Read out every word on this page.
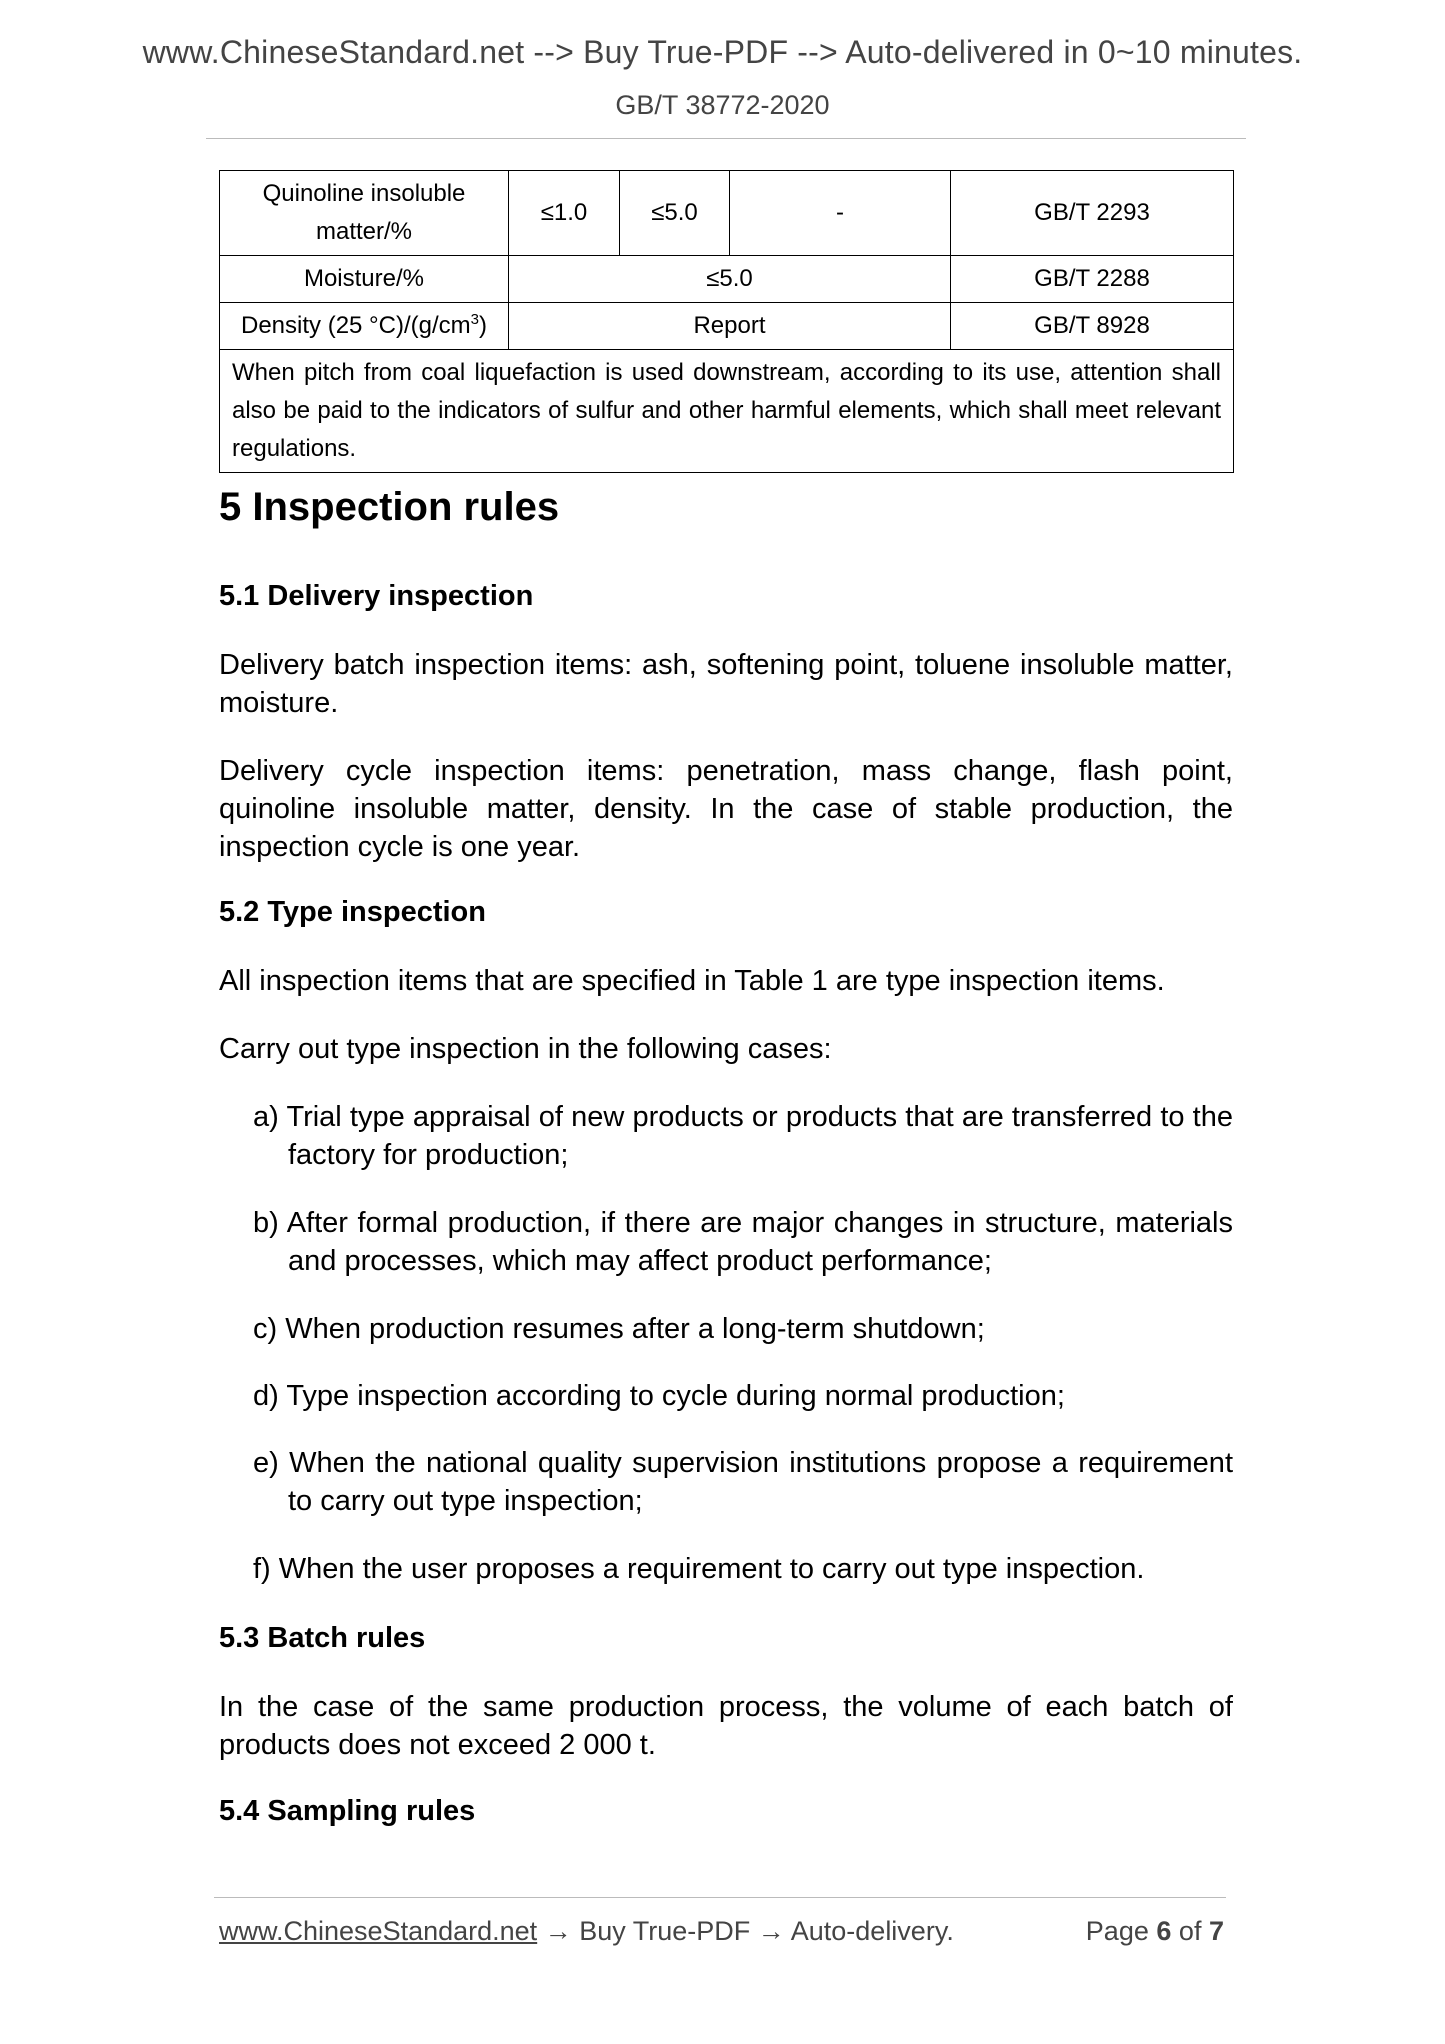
www.ChineseStandard.net --> Buy True-PDF --> Auto-delivered in 0~10 minutes.
GB/T 38772-2020
Quinoline insoluble matter/%	≤1.0	≤5.0	-	GB/T 2293
Moisture/%	≤5.0			GB/T 2288
Density (25 $^\circ C)/(g/cm^3)$	Report			GB/T 8928
When pitch from coal liquefaction is used downstream, according to its use, attention shall also be paid to the indicators of sulfur and other harmful elements, which shall meet relevant regulations.				
5 Inspection rules
5.1 Delivery inspection

Delivery batch inspection items: ash, softening point, toluene insoluble matter, moisture.

Delivery cycle inspection items: penetration, mass change, flash point, quinoline insoluble matter, density. In the case of stable production, the inspection cycle is one year.

5.2 Type inspection

All inspection items that are specified in Table 1 are type inspection items.

Carry out type inspection in the following cases:

a) Trial type appraisal of new products or products that are transferred to the factory for production;

b) After formal production, if there are major changes in structure, materials and processes, which may affect product performance;

c) When production resumes after a long-term shutdown;

d) Type inspection according to cycle during normal production;

e) When the national quality supervision institutions propose a requirement to carry out type inspection;

f) When the user proposes a requirement to carry out type inspection.

5.3 Batch rules

In the case of the same production process, the volume of each batch of products does not exceed 2 000 t.

5.4 Sampling rules
www.ChineseStandard.net → Buy True-PDF → Auto-delivery.	Page 6 of 7
